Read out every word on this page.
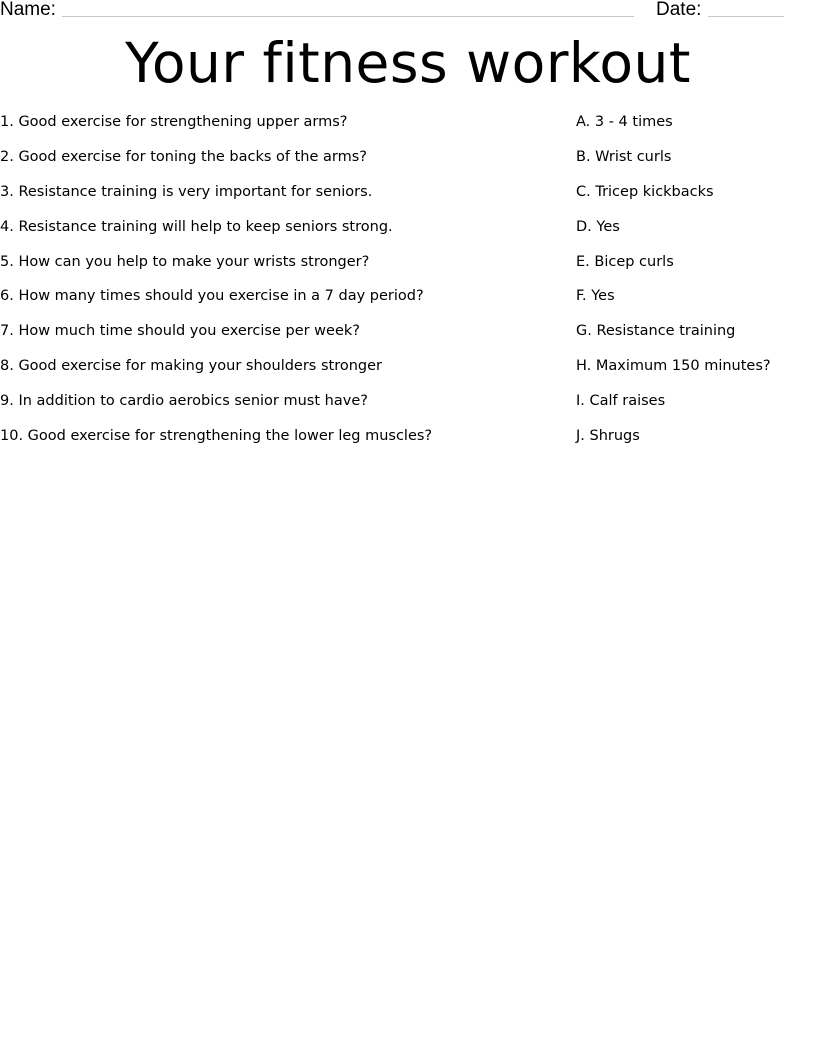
Name:	Date:
Your fitness workout
1. Good exercise for strengthening upper arms?
2. Good exercise for toning the backs of the arms?
3. Resistance training is very important for seniors.
4. Resistance training will help to keep seniors strong.
5. How can you help to make your wrists stronger?
6. How many times should you exercise in a 7 day period?
7. How much time should you exercise per week?
8. Good exercise for making your shoulders stronger
9. In addition to cardio aerobics senior must have?
10. Good exercise for strengthening the lower leg muscles?
A. 3 - 4 times
B. Wrist curls
C. Tricep kickbacks
D. Yes
E. Bicep curls
F. Yes
G. Resistance training
H. Maximum 150 minutes?
I. Calf raises
J. Shrugs
